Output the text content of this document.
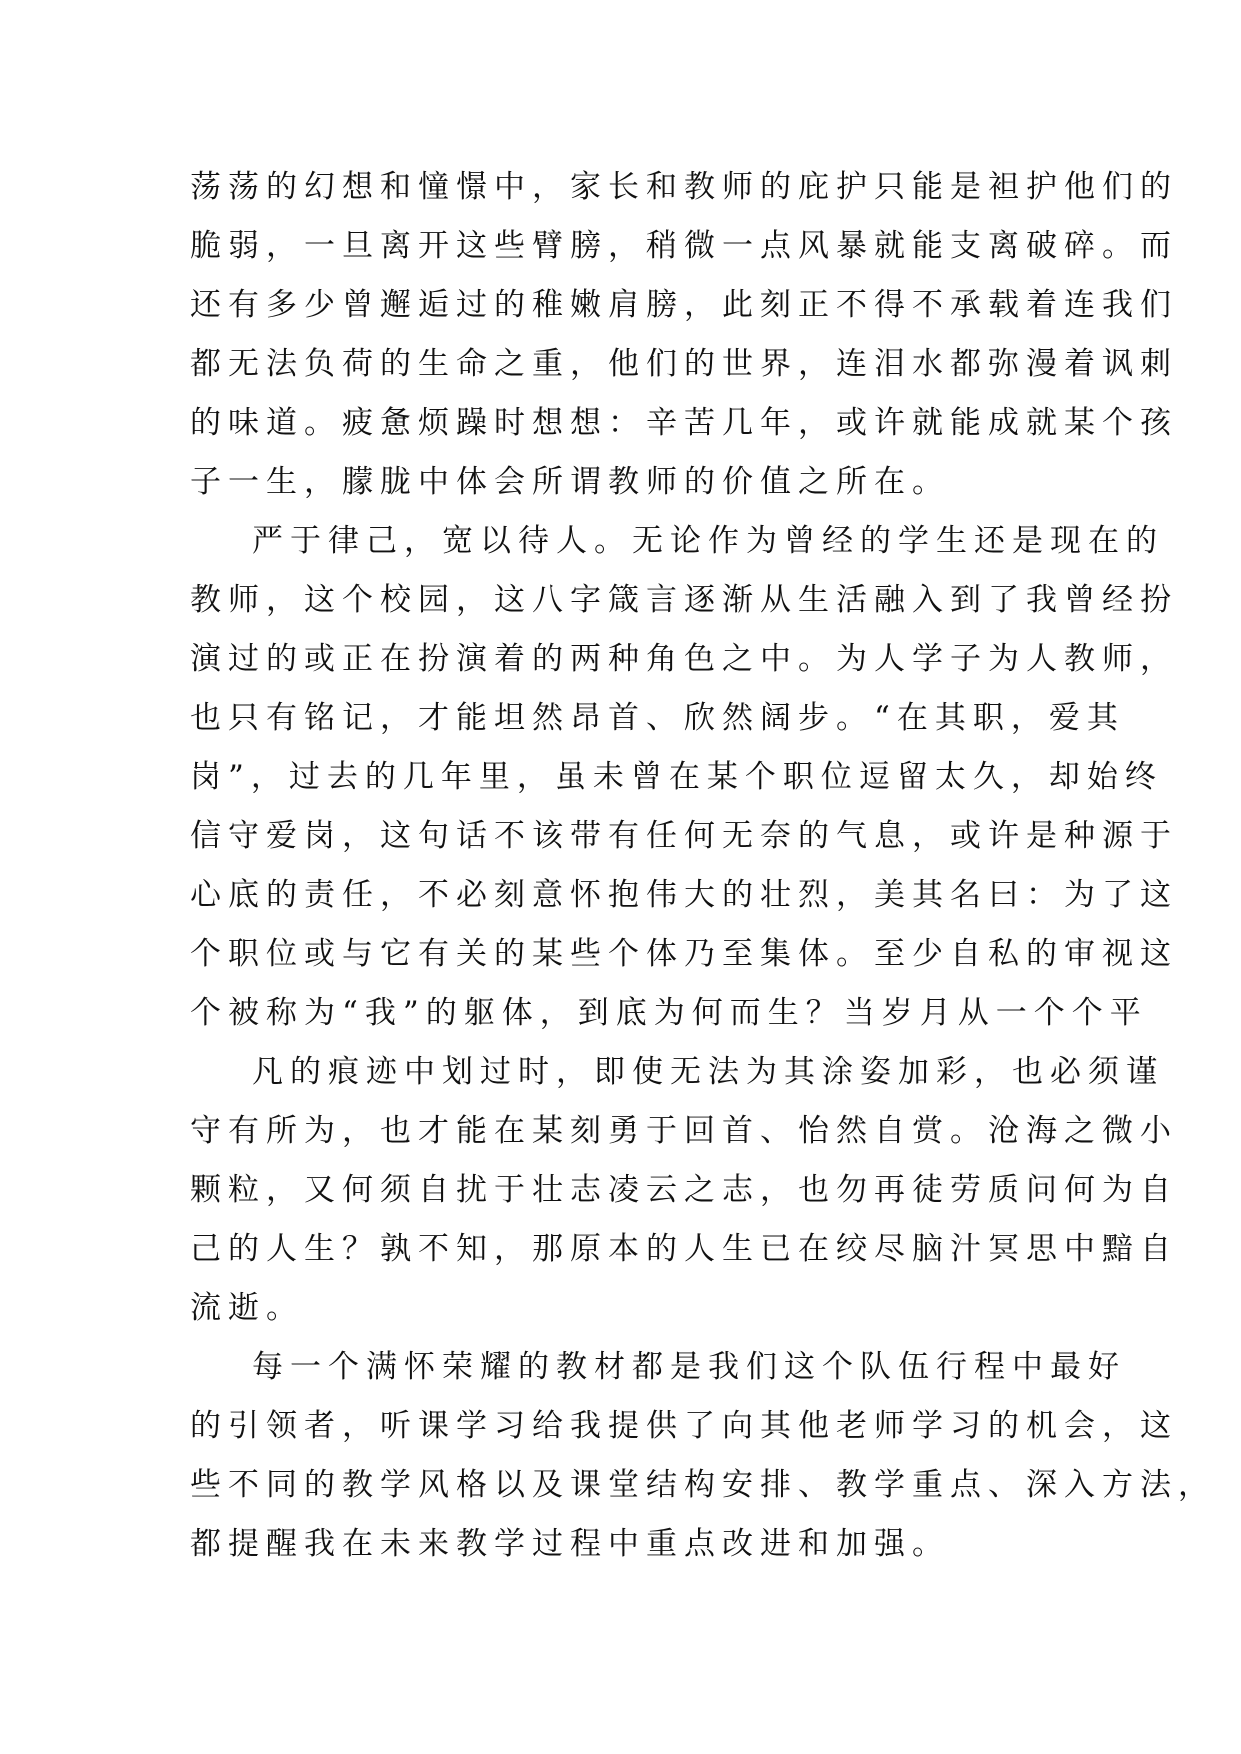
荡荡的幻想和憧憬中，家长和教师的庇护只能是袒护他们的
脆弱，一旦离开这些臂膀，稍微一点风暴就能支离破碎。而
还有多少曾邂逅过的稚嫩肩膀，此刻正不得不承载着连我们
都无法负荷的生命之重，他们的世界，连泪水都弥漫着讽刺
的味道。疲惫烦躁时想想：辛苦几年，或许就能成就某个孩
子一生，朦胧中体会所谓教师的价值之所在。
严于律己，宽以待人。无论作为曾经的学生还是现在的
教师，这个校园，这八字箴言逐渐从生活融入到了我曾经扮
演过的或正在扮演着的两种角色之中。为人学子为人教师，
也只有铭记，才能坦然昂首、欣然阔步。“在其职，爱其
岗”，过去的几年里，虽未曾在某个职位逗留太久，却始终
信守爱岗，这句话不该带有任何无奈的气息，或许是种源于
心底的责任，不必刻意怀抱伟大的壮烈，美其名曰：为了这
个职位或与它有关的某些个体乃至集体。至少自私的审视这
个被称为“我”的躯体，到底为何而生？当岁月从一个个平
凡的痕迹中划过时，即使无法为其涂姿加彩，也必须谨
守有所为，也才能在某刻勇于回首、怡然自赏。沧海之微小
颗粒，又何须自扰于壮志凌云之志，也勿再徒劳质问何为自
己的人生？孰不知，那原本的人生已在绞尽脑汁冥思中黯自
流逝。
每一个满怀荣耀的教材都是我们这个队伍行程中最好
的引领者，听课学习给我提供了向其他老师学习的机会，这
些不同的教学风格以及课堂结构安排、教学重点、深入方法，
都提醒我在未来教学过程中重点改进和加强。
